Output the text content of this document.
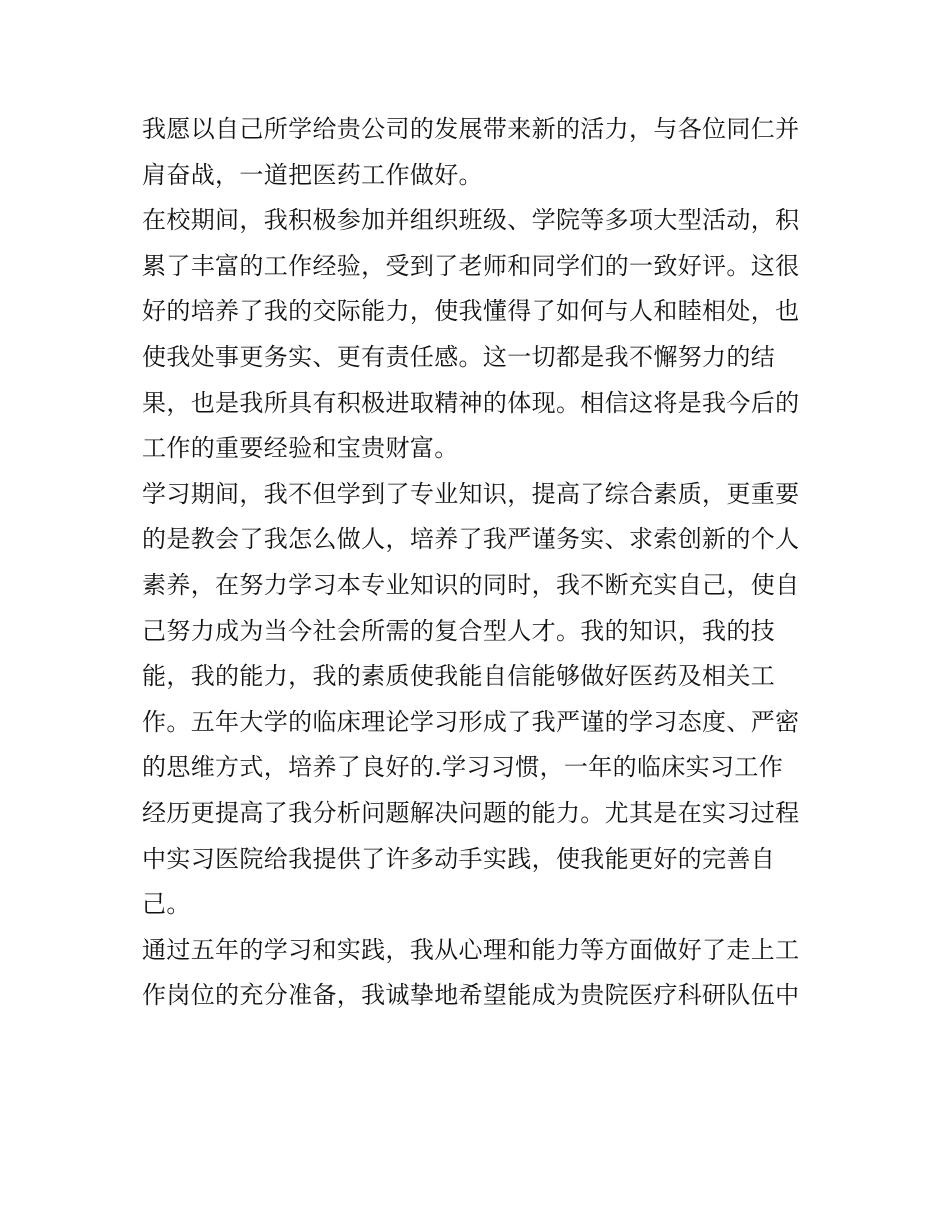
我愿以自己所学给贵公司的发展带来新的活力，与各位同仁并
肩奋战，一道把医药工作做好。
在校期间，我积极参加并组织班级、学院等多项大型活动，积
累了丰富的工作经验，受到了老师和同学们的一致好评。这很
好的培养了我的交际能力，使我懂得了如何与人和睦相处，也
使我处事更务实、更有责任感。这一切都是我不懈努力的结
果，也是我所具有积极进取精神的体现。相信这将是我今后的
工作的重要经验和宝贵财富。
学习期间，我不但学到了专业知识，提高了综合素质，更重要
的是教会了我怎么做人，培养了我严谨务实、求索创新的个人
素养，在努力学习本专业知识的同时，我不断充实自己，使自
己努力成为当今社会所需的复合型人才。我的知识，我的技
能，我的能力，我的素质使我能自信能够做好医药及相关工
作。五年大学的临床理论学习形成了我严谨的学习态度、严密
的思维方式，培养了良好的.学习习惯，一年的临床实习工作
经历更提高了我分析问题解决问题的能力。尤其是在实习过程
中实习医院给我提供了许多动手实践，使我能更好的完善自
己。
通过五年的学习和实践，我从心理和能力等方面做好了走上工
作岗位的充分准备，我诚挚地希望能成为贵院医疗科研队伍中
